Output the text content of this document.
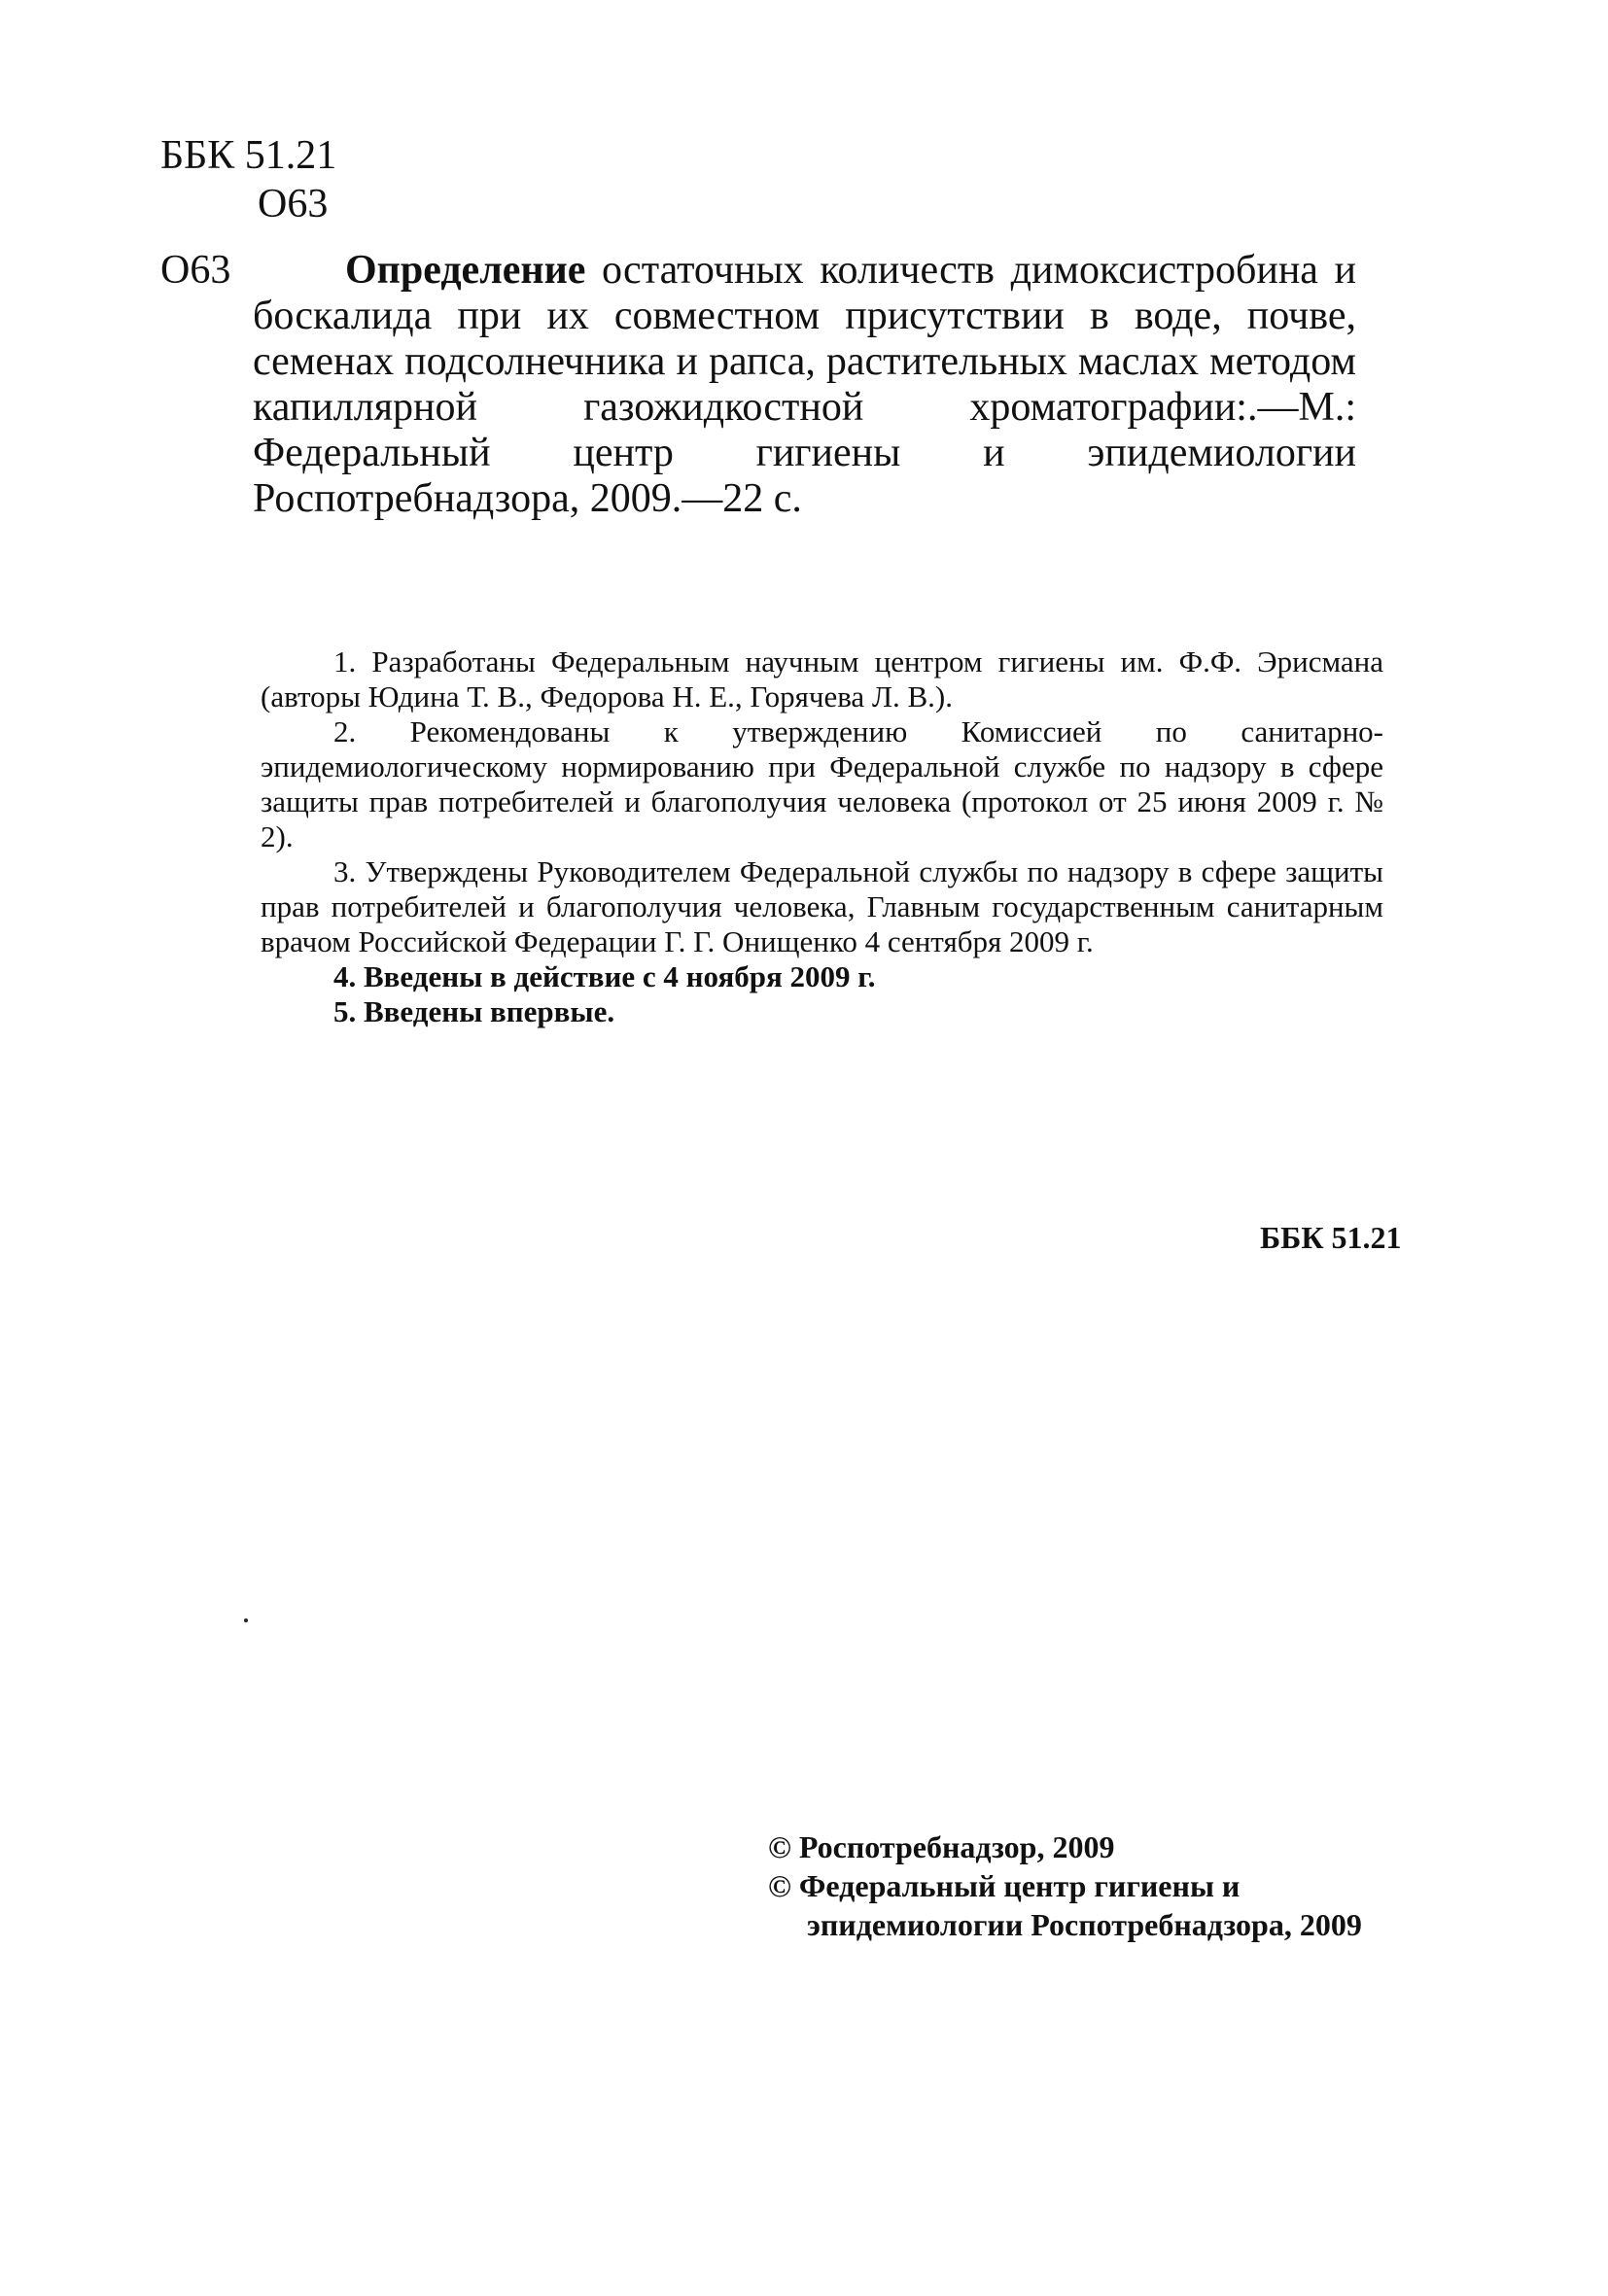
ББК 51.21
О63
О63	Определение остаточных количеств димоксистробина и боскалида при их совместном присутствии в воде, почве, семенах подсолнечника и рапса, растительных маслах методом капиллярной газожидкостной хроматографии:.—М.: Федеральный центр гигиены и эпидемиологии Роспотребнадзора, 2009.—22 с.

1. Разработаны Федеральным научным центром гигиены им. Ф.Ф. Эрисмана (авторы Юдина Т. В., Федорова Н. Е., Горячева Л. В.).

2. Рекомендованы к утверждению Комиссией по санитарно-эпидемиологическому нормированию при Федеральной службе по надзору в сфере защиты прав потребителей и благополучия человека (протокол от 25 июня 2009 г. № 2).

3. Утверждены Руководителем Федеральной службы по надзору в сфере защиты прав потребителей и благополучия человека, Главным государственным санитарным врачом Российской Федерации Г. Г. Онищенко 4 сентября 2009 г.

4. Введены в действие с 4 ноября 2009 г.

5. Введены впервые.

ББК 51.21
© Роспотребнадзор, 2009
© Федеральный центр гигиены и
эпидемиологии Роспотребнадзора, 2009
